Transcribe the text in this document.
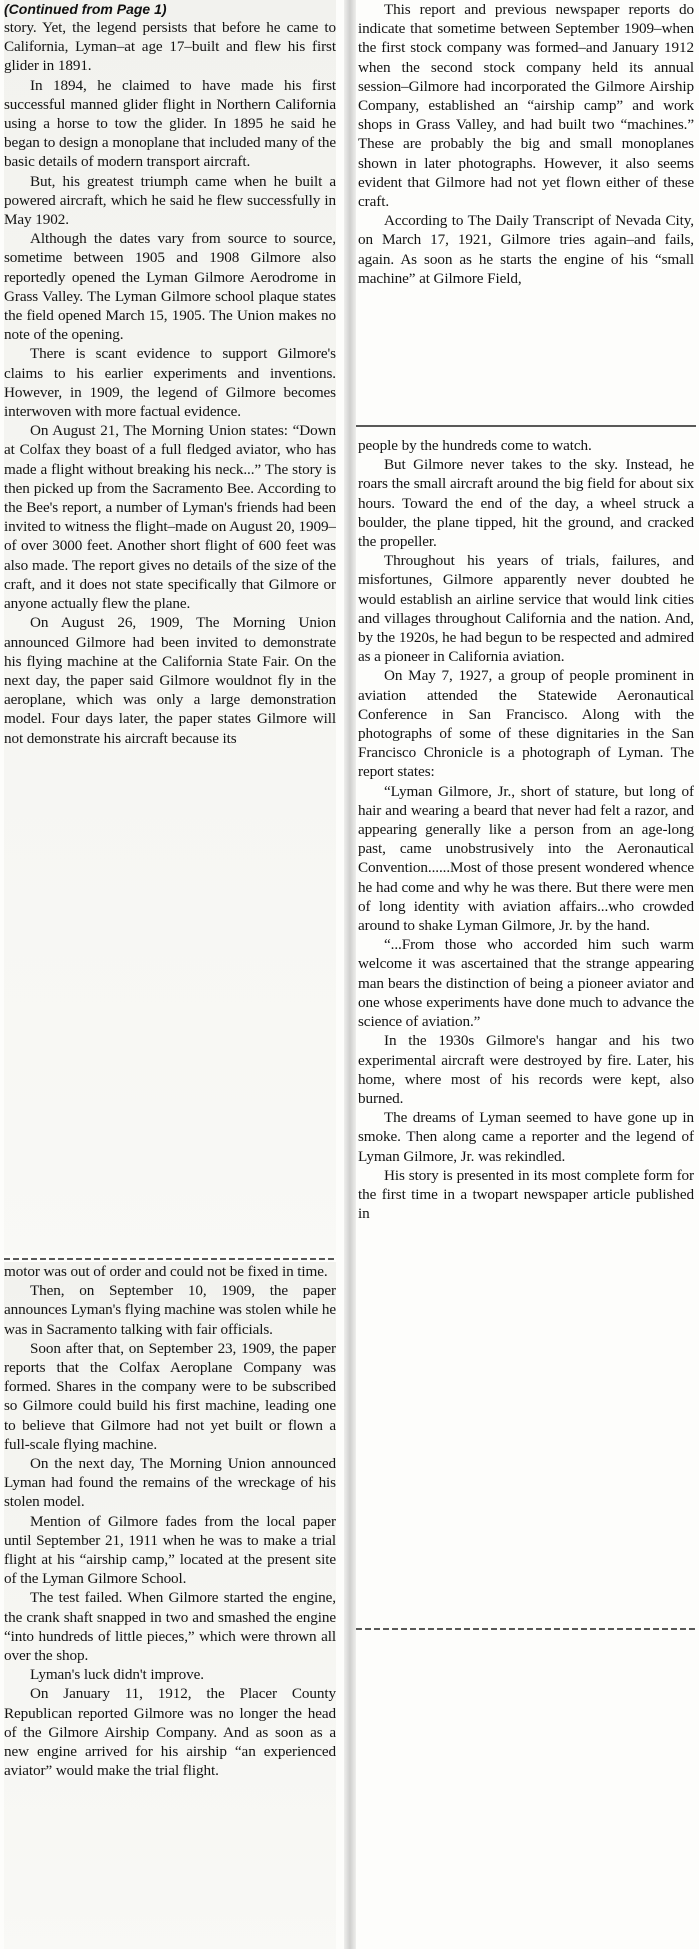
(Continued from Page 1)

story. Yet, the legend persists that before he came to California, Lyman–at age 17–built and flew his first glider in 1891.

In 1894, he claimed to have made his first successful manned glider flight in Northern California using a horse to tow the glider. In 1895 he said he began to design a monoplane that included many of the basic details of modern transport aircraft.

But, his greatest triumph came when he built a powered aircraft, which he said he flew successfully in May 1902.

Although the dates vary from source to source, sometime between 1905 and 1908 Gilmore also reportedly opened the Lyman Gilmore Aerodrome in Grass Valley. The Lyman Gilmore school plaque states the field opened March 15, 1905. The Union makes no note of the opening.

There is scant evidence to support Gilmore's claims to his earlier experiments and inventions. However, in 1909, the legend of Gilmore becomes interwoven with more factual evidence.

On August 21, The Morning Union states: “Down at Colfax they boast of a full fledged aviator, who has made a flight without breaking his neck...” The story is then picked up from the Sacramento Bee. According to the Bee's report, a number of Lyman's friends had been invited to witness the flight–made on August 20, 1909–of over 3000 feet. Another short flight of 600 feet was also made. The report gives no details of the size of the craft, and it does not state specifically that Gilmore or anyone actually flew the plane.

On August 26, 1909, The Morning Union announced Gilmore had been invited to demonstrate his flying machine at the California State Fair. On the next day, the paper said Gilmore wouldnot fly in the aeroplane, which was only a large demonstration model. Four days later, the paper states Gilmore will not demonstrate his aircraft because its

motor was out of order and could not be fixed in time.

Then, on September 10, 1909, the paper announces Lyman's flying machine was stolen while he was in Sacramento talking with fair officials.

Soon after that, on September 23, 1909, the paper reports that the Colfax Aeroplane Company was formed. Shares in the company were to be subscribed so Gilmore could build his first machine, leading one to believe that Gilmore had not yet built or flown a full-scale flying machine.

On the next day, The Morning Union announced Lyman had found the remains of the wreckage of his stolen model.

Mention of Gilmore fades from the local paper until September 21, 1911 when he was to make a trial flight at his “airship camp,” located at the present site of the Lyman Gilmore School.

The test failed. When Gilmore started the engine, the crank shaft snapped in two and smashed the engine “into hundreds of little pieces,” which were thrown all over the shop.

Lyman's luck didn't improve.

On January 11, 1912, the Placer County Republican reported Gilmore was no longer the head of the Gilmore Airship Company. And as soon as a new engine arrived for his airship “an experienced aviator” would make the trial flight.

This report and previous newspaper reports do indicate that sometime between September 1909–when the first stock company was formed–and January 1912 when the second stock company held its annual session–Gilmore had incorporated the Gilmore Airship Company, established an “airship camp” and work shops in Grass Valley, and had built two “machines.” These are probably the big and small monoplanes shown in later photographs. However, it also seems evident that Gilmore had not yet flown either of these craft.

According to The Daily Transcript of Nevada City, on March 17, 1921, Gilmore tries again–and fails, again. As soon as he starts the engine of his “small machine” at Gilmore Field,

people by the hundreds come to watch.

But Gilmore never takes to the sky. Instead, he roars the small aircraft around the big field for about six hours. Toward the end of the day, a wheel struck a boulder, the plane tipped, hit the ground, and cracked the propeller.

Throughout his years of trials, failures, and misfortunes, Gilmore apparently never doubted he would establish an airline service that would link cities and villages throughout California and the nation. And, by the 1920s, he had begun to be respected and admired as a pioneer in California aviation.

On May 7, 1927, a group of people prominent in aviation attended the Statewide Aeronautical Conference in San Francisco. Along with the photographs of some of these dignitaries in the San Francisco Chronicle is a photograph of Lyman. The report states:

“Lyman Gilmore, Jr., short of stature, but long of hair and wearing a beard that never had felt a razor, and appearing generally like a person from an age-long past, came unobstrusively into the Aeronautical Convention......Most of those present wondered whence he had come and why he was there. But there were men of long identity with aviation affairs...who crowded around to shake Lyman Gilmore, Jr. by the hand.

“...From those who accorded him such warm welcome it was ascertained that the strange appearing man bears the distinction of being a pioneer aviator and one whose experiments have done much to advance the science of aviation.”

In the 1930s Gilmore's hangar and his two experimental aircraft were destroyed by fire. Later, his home, where most of his records were kept, also burned.

The dreams of Lyman seemed to have gone up in smoke. Then along came a reporter and the legend of Lyman Gilmore, Jr. was rekindled.

His story is presented in its most complete form for the first time in a twopart newspaper article published in
